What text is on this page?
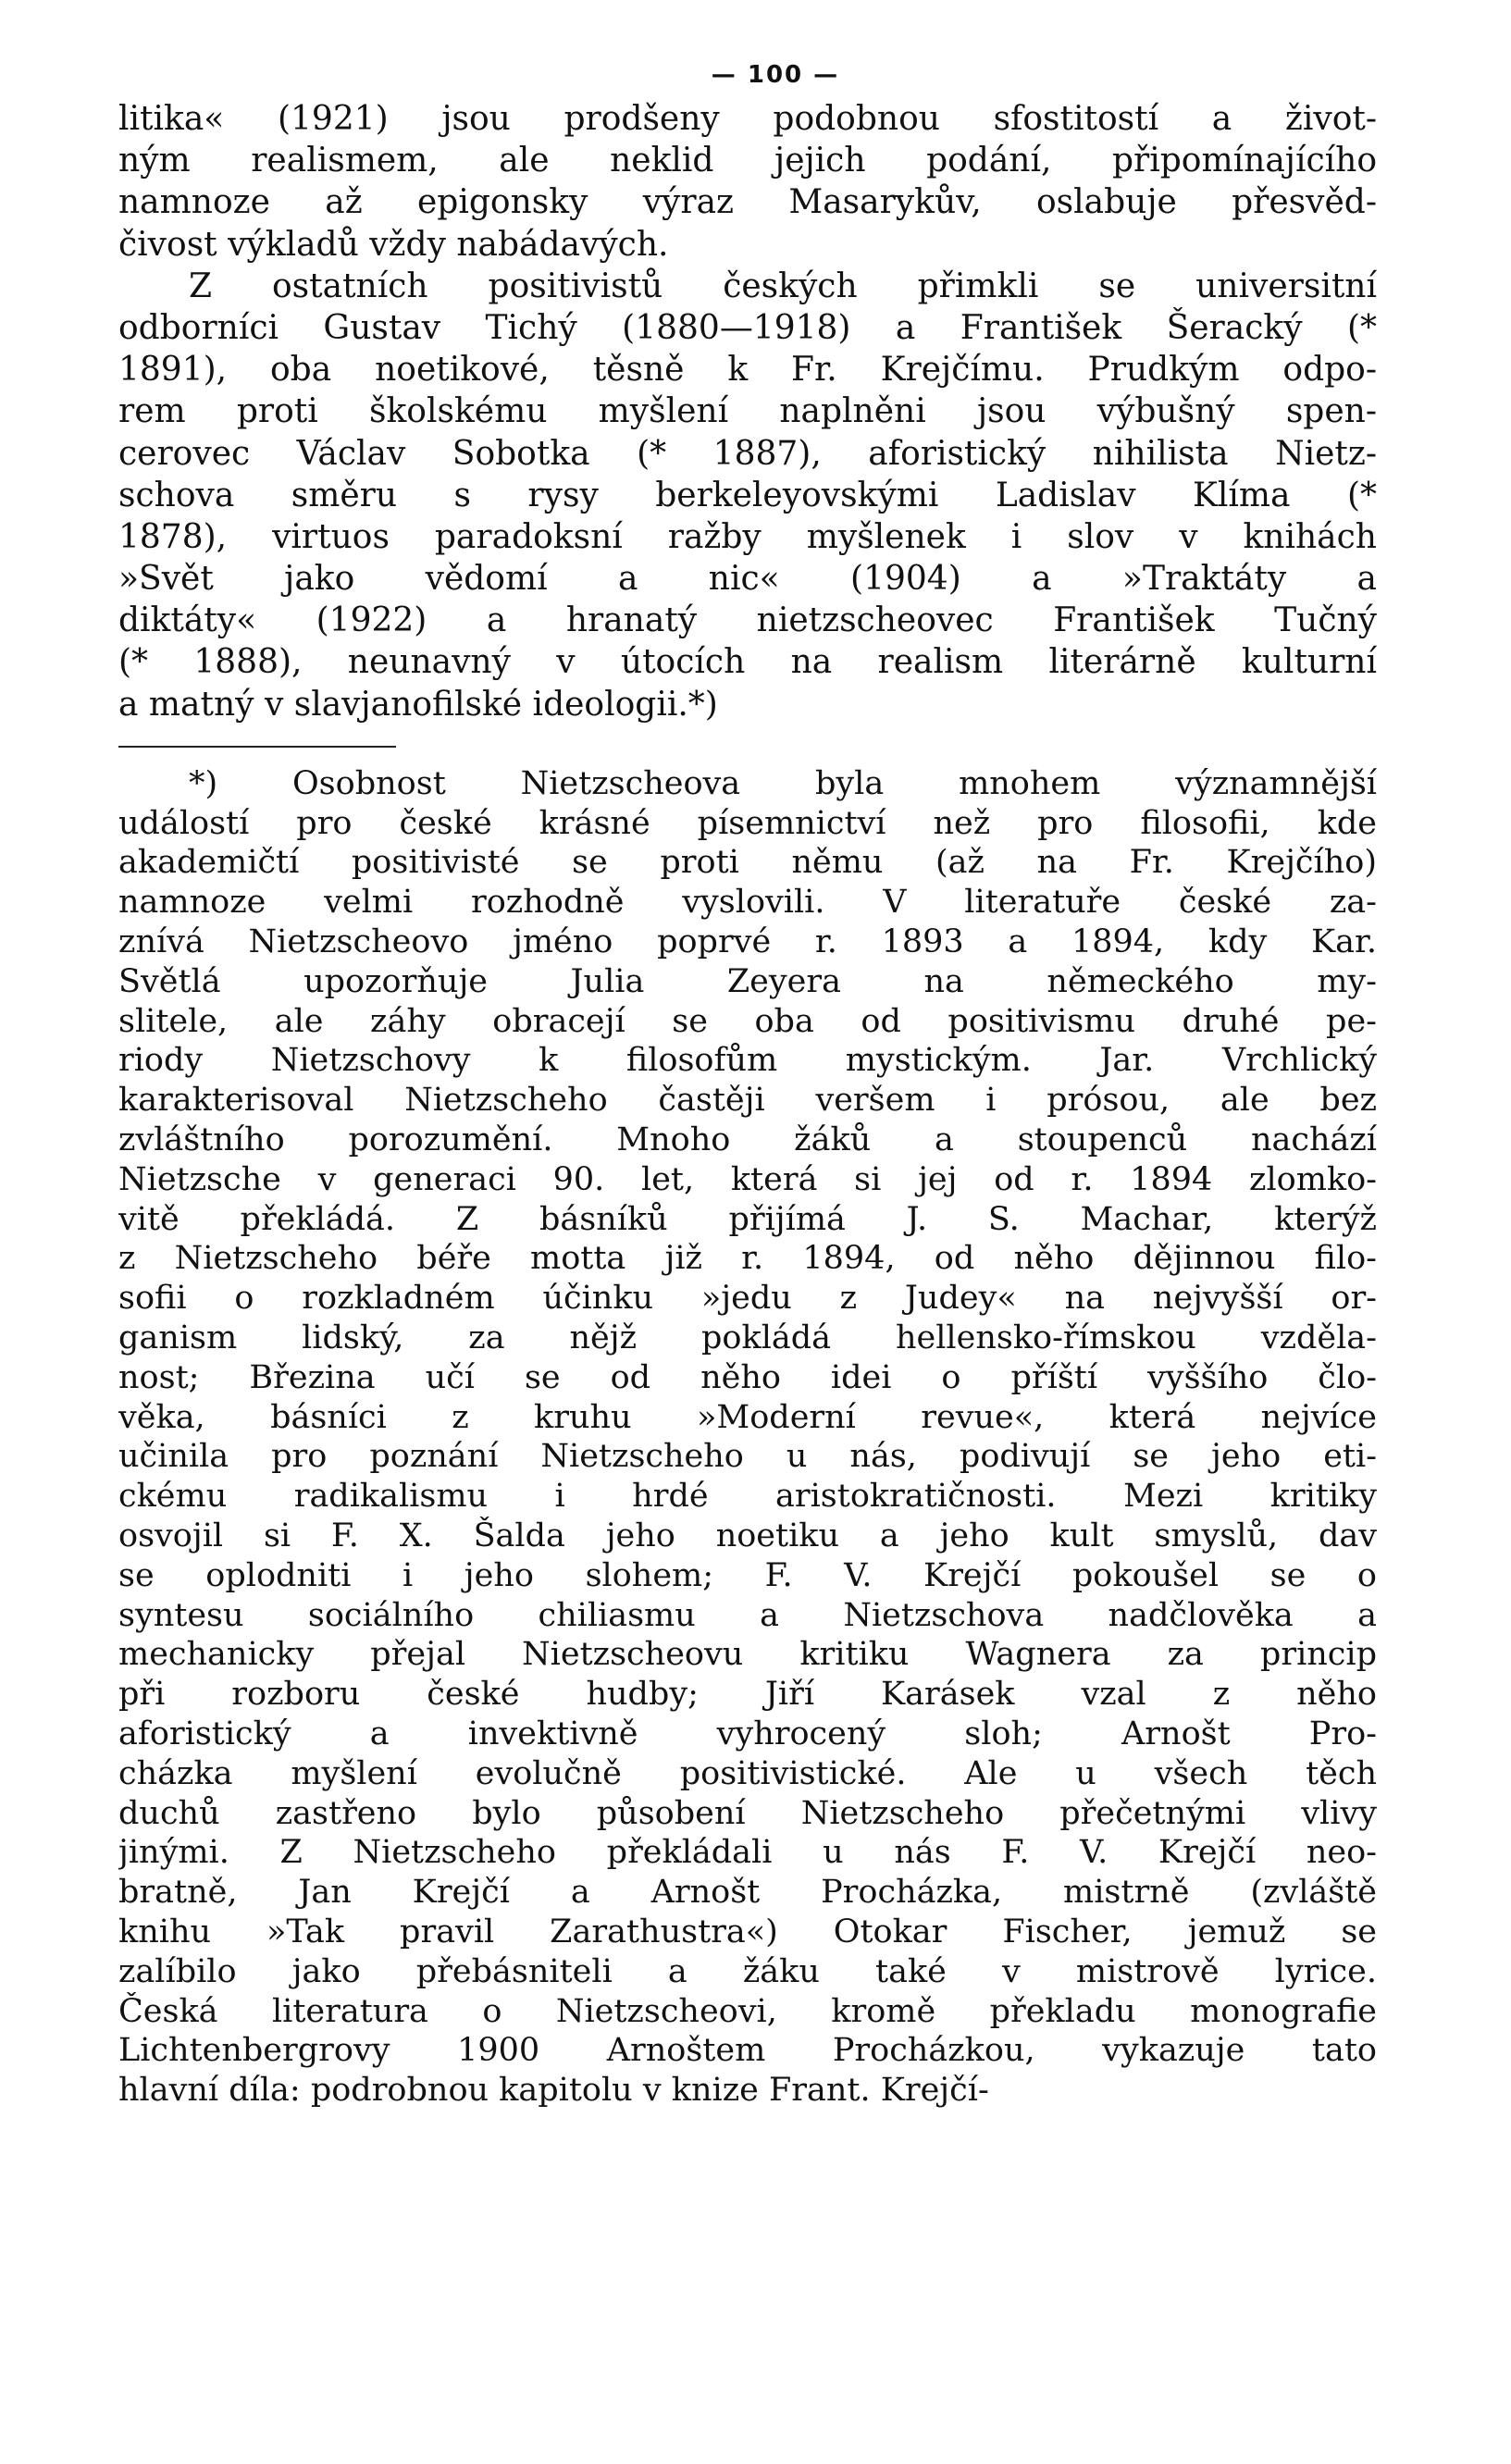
— 100 —
litika« (1921) jsou prodšeny podobnou sfostitostí a život-
ným realismem, ale neklid jejich podání, připomínajícího
namnoze až epigonsky výraz Masarykův, oslabuje přesvěd-
čivost výkladů vždy nabádavých.
Z ostatních positivistů českých přimkli se universitní
odborníci Gustav Tichý (1880—1918) a František Šeracký (*
1891), oba noetikové, těsně k Fr. Krejčímu. Prudkým odpo-
rem proti školskému myšlení naplněni jsou výbušný spen-
cerovec Václav Sobotka (* 1887), aforistický nihilista Nietz-
schova směru s rysy berkeleyovskými Ladislav Klíma (*
1878), virtuos paradoksní ražby myšlenek i slov v knihách
»Svět jako vědomí a nic« (1904) a »Traktáty a
diktáty« (1922) a hranatý nietzscheovec František Tučný
(* 1888), neunavný v útocích na realism literárně kulturní
a matný v slavjanofilské ideologii.*)
*) Osobnost Nietzscheova byla mnohem významnější
událostí pro české krásné písemnictví než pro filosofii, kde
akademičtí positivisté se proti němu (až na Fr. Krejčího)
namnoze velmi rozhodně vyslovili. V literatuře české za-
znívá Nietzscheovo jméno poprvé r. 1893 a 1894, kdy Kar.
Světlá upozorňuje Julia Zeyera na německého my-
slitele, ale záhy obracejí se oba od positivismu druhé pe-
riody Nietzschovy k filosofům mystickým. Jar. Vrchlický
karakterisoval Nietzscheho častěji veršem i prósou, ale bez
zvláštního porozumění. Mnoho žáků a stoupenců nachází
Nietzsche v generaci 90. let, která si jej od r. 1894 zlomko-
vitě překládá. Z básníků přijímá J. S. Machar, kterýž
z Nietzscheho béře motta již r. 1894, od něho dějinnou filo-
sofii o rozkladném účinku »jedu z Judey« na nejvyšší or-
ganism lidský, za nějž pokládá hellensko-římskou vzděla-
nost; Březina učí se od něho idei o příští vyššího člo-
věka, básníci z kruhu »Moderní revue«, která nejvíce
učinila pro poznání Nietzscheho u nás, podivují se jeho eti-
ckému radikalismu i hrdé aristokratičnosti. Mezi kritiky
osvojil si F. X. Šalda jeho noetiku a jeho kult smyslů, dav
se oplodniti i jeho slohem; F. V. Krejčí pokoušel se o
syntesu sociálního chiliasmu a Nietzschova nadčlověka a
mechanicky přejal Nietzscheovu kritiku Wagnera za princip
při rozboru české hudby; Jiří Karásek vzal z něho
aforistický a invektivně vyhrocený sloh; Arnošt Pro-
cházka myšlení evolučně positivistické. Ale u všech těch
duchů zastřeno bylo působení Nietzscheho přečetnými vlivy
jinými. Z Nietzscheho překládali u nás F. V. Krejčí neo-
bratně, Jan Krejčí a Arnošt Procházka, mistrně (zvláště
knihu »Tak pravil Zarathustra«) Otokar Fischer, jemuž se
zalíbilo jako přebásniteli a žáku také v mistrově lyrice.
Česká literatura o Nietzscheovi, kromě překladu monografie
Lichtenbergrovy 1900 Arnoštem Procházkou, vykazuje tato
hlavní díla: podrobnou kapitolu v knize Frant. Krejčí-
